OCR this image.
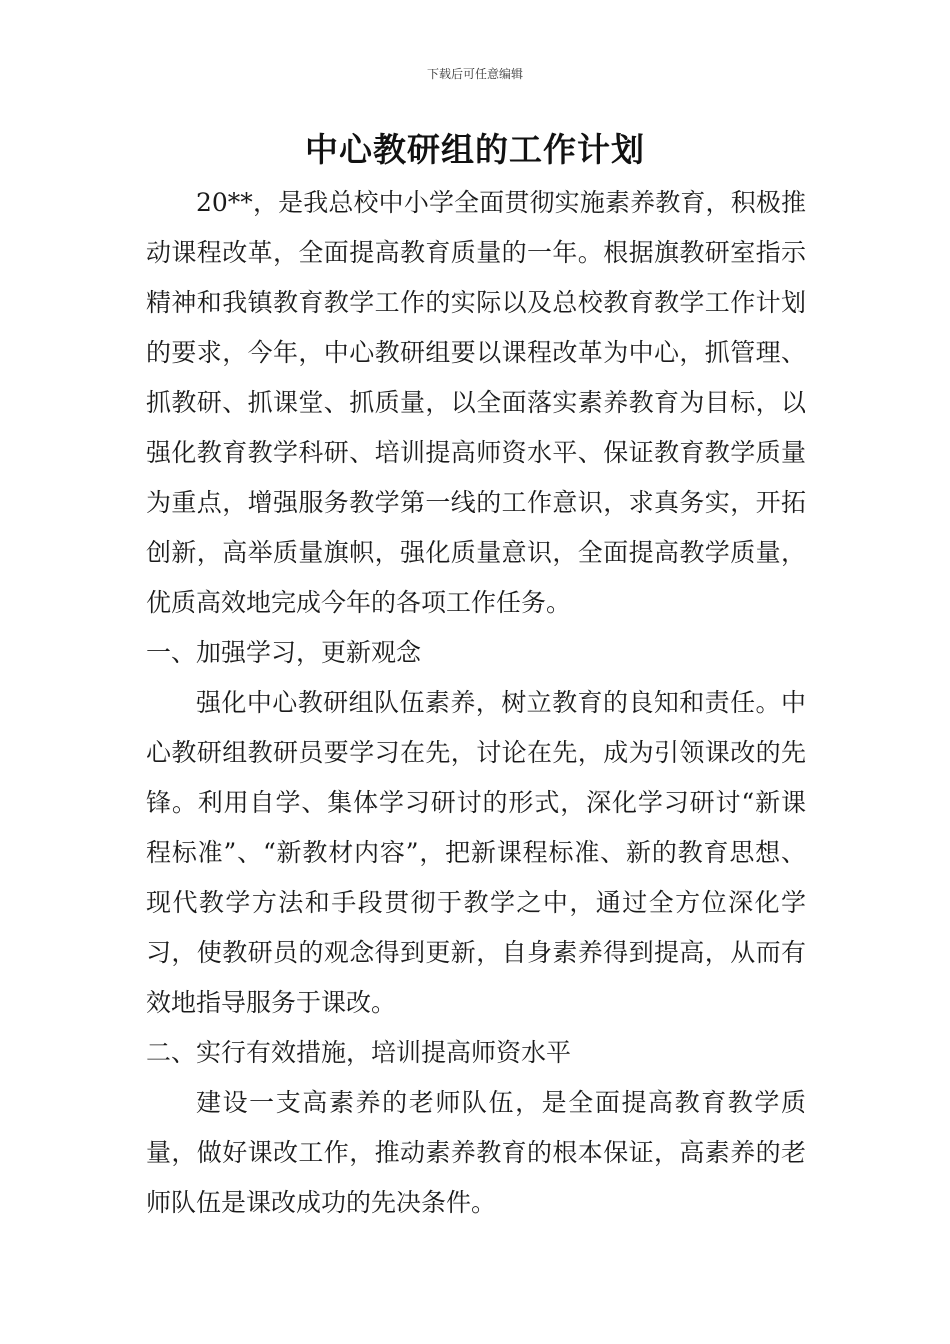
下载后可任意编辑
中心教研组的工作计划

20**，是我总校中小学全面贯彻实施素养教育，积极推动课程改革，全面提高教育质量的一年。根据旗教研室指示精神和我镇教育教学工作的实际以及总校教育教学工作计划的要求，今年，中心教研组要以课程改革为中心，抓管理、抓教研、抓课堂、抓质量，以全面落实素养教育为目标，以强化教育教学科研、培训提高师资水平、保证教育教学质量为重点，增强服务教学第一线的工作意识，求真务实，开拓创新，高举质量旗帜，强化质量意识，全面提高教学质量，优质高效地完成今年的各项工作任务。

一、加强学习，更新观念

强化中心教研组队伍素养，树立教育的良知和责任。中心教研组教研员要学习在先，讨论在先，成为引领课改的先锋。利用自学、集体学习研讨的形式，深化学习研讨“新课程标准”、“新教材内容”，把新课程标准、新的教育思想、现代教学方法和手段贯彻于教学之中，通过全方位深化学习，使教研员的观念得到更新，自身素养得到提高，从而有效地指导服务于课改。

二、实行有效措施，培训提高师资水平

建设一支高素养的老师队伍，是全面提高教育教学质量，做好课改工作，推动素养教育的根本保证，高素养的老师队伍是课改成功的先决条件。
